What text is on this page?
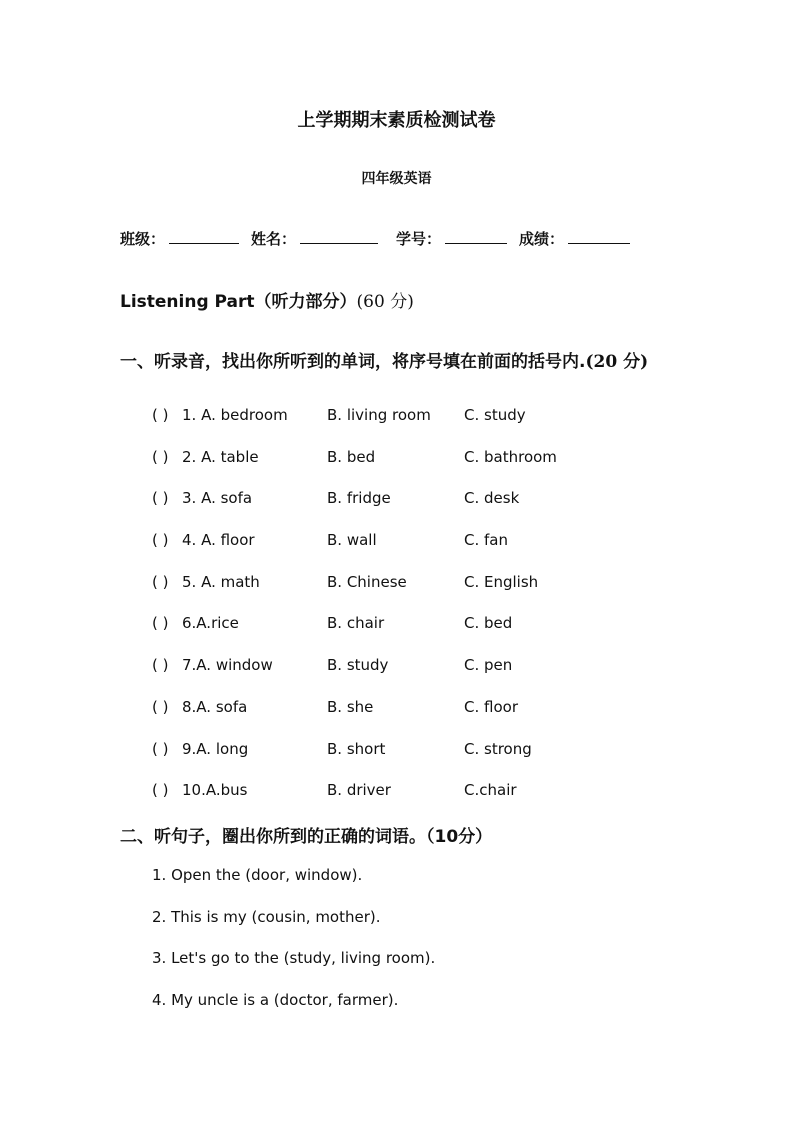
上学期期末素质检测试卷
四年级英语
班级：	姓名：	学号：	成绩：
Listening Part（听力部分）(60 分)
一、听录音，找出你所听到的单词，将序号填在前面的括号内.(20 分)
( ) 1. A. bedroom	B. living room	C. study
( ) 2. A. table	B. bed	C. bathroom
( ) 3. A. sofa	B. fridge	C. desk
( ) 4. A. floor	B. wall	C. fan
( ) 5. A. math	B. Chinese	C. English
( ) 6.A.rice	B. chair	C. bed
( ) 7.A. window	B. study	C. pen
( ) 8.A. sofa	B. she	C. floor
( ) 9.A. long	B. short	C. strong
( ) 10.A.bus	B. driver	C.chair
二、听句子，圈出你所到的正确的词语。（10分）
1. Open the (door, window).
2. This is my (cousin, mother).
3. Let's go to the (study, living room).
4. My uncle is a (doctor, farmer).
